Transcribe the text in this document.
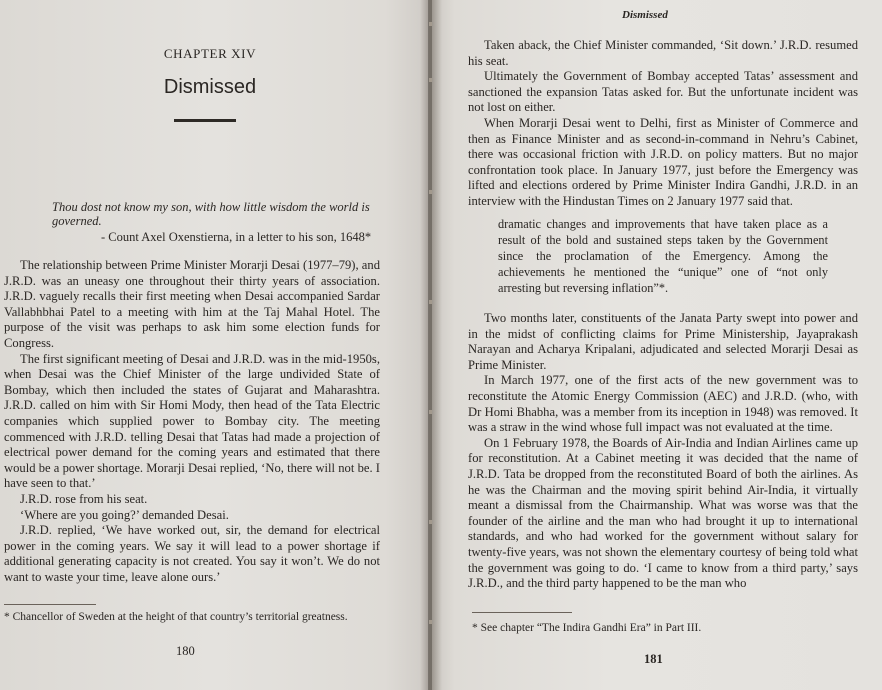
CHAPTER XIV
Dismissed
Thou dost not know my son, with how little wisdom the world is governed.
- Count Axel Oxenstierna, in a letter to his son, 1648*

The relationship between Prime Minister Morarji Desai (1977–79), and J.R.D. was an uneasy one throughout their thirty years of association. J.R.D. vaguely recalls their first meeting when Desai accompanied Sardar Vallabhbhai Patel to a meeting with him at the Taj Mahal Hotel. The purpose of the visit was perhaps to ask him some election funds for Congress.

The first significant meeting of Desai and J.R.D. was in the mid-1950s, when Desai was the Chief Minister of the large undivided State of Bombay, which then included the states of Gujarat and Maharashtra. J.R.D. called on him with Sir Homi Mody, then head of the Tata Electric companies which supplied power to Bombay city. The meeting commenced with J.R.D. telling Desai that Tatas had made a projection of electrical power demand for the coming years and estimated that there would be a power shortage. Morarji Desai replied, ‘No, there will not be. I have seen to that.’

J.R.D. rose from his seat.

‘Where are you going?’ demanded Desai.

J.R.D. replied, ‘We have worked out, sir, the demand for electrical power in the coming years. We say it will lead to a power shortage if additional generating capacity is not created. You say it won’t. We do not want to waste your time, leave alone ours.’

* Chancellor of Sweden at the height of that country’s territorial greatness.
180
Dismissed

Taken aback, the Chief Minister commanded, ‘Sit down.’ J.R.D. resumed his seat.

Ultimately the Government of Bombay accepted Tatas’ assessment and sanctioned the expansion Tatas asked for. But the unfortunate incident was not lost on either.

When Morarji Desai went to Delhi, first as Minister of Commerce and then as Finance Minister and as second-in-command in Nehru’s Cabinet, there was occasional friction with J.R.D. on policy matters. But no major confrontation took place. In January 1977, just before the Emergency was lifted and elections ordered by Prime Minister Indira Gandhi, J.R.D. in an interview with the Hindustan Times on 2 January 1977 said that.

dramatic changes and improvements that have taken place as a result of the bold and sustained steps taken by the Government since the proclamation of the Emergency. Among the achievements he mentioned the “unique” one of “not only arresting but reversing inflation”*.

Two months later, constituents of the Janata Party swept into power and in the midst of conflicting claims for Prime Ministership, Jayaprakash Narayan and Acharya Kripalani, adjudicated and selected Morarji Desai as Prime Minister.

In March 1977, one of the first acts of the new government was to reconstitute the Atomic Energy Commission (AEC) and J.R.D. (who, with Dr Homi Bhabha, was a member from its inception in 1948) was removed. It was a straw in the wind whose full impact was not evaluated at the time.

On 1 February 1978, the Boards of Air-India and Indian Airlines came up for reconstitution. At a Cabinet meeting it was decided that the name of J.R.D. Tata be dropped from the reconstituted Board of both the airlines. As he was the Chairman and the moving spirit behind Air-India, it virtually meant a dismissal from the Chairmanship. What was worse was that the founder of the airline and the man who had brought it up to international standards, and who had worked for the government without salary for twenty-five years, was not shown the elementary courtesy of being told what the government was going to do. ‘I came to know from a third party,’ says J.R.D., and the third party happened to be the man who

* See chapter “The Indira Gandhi Era” in Part III.
181
